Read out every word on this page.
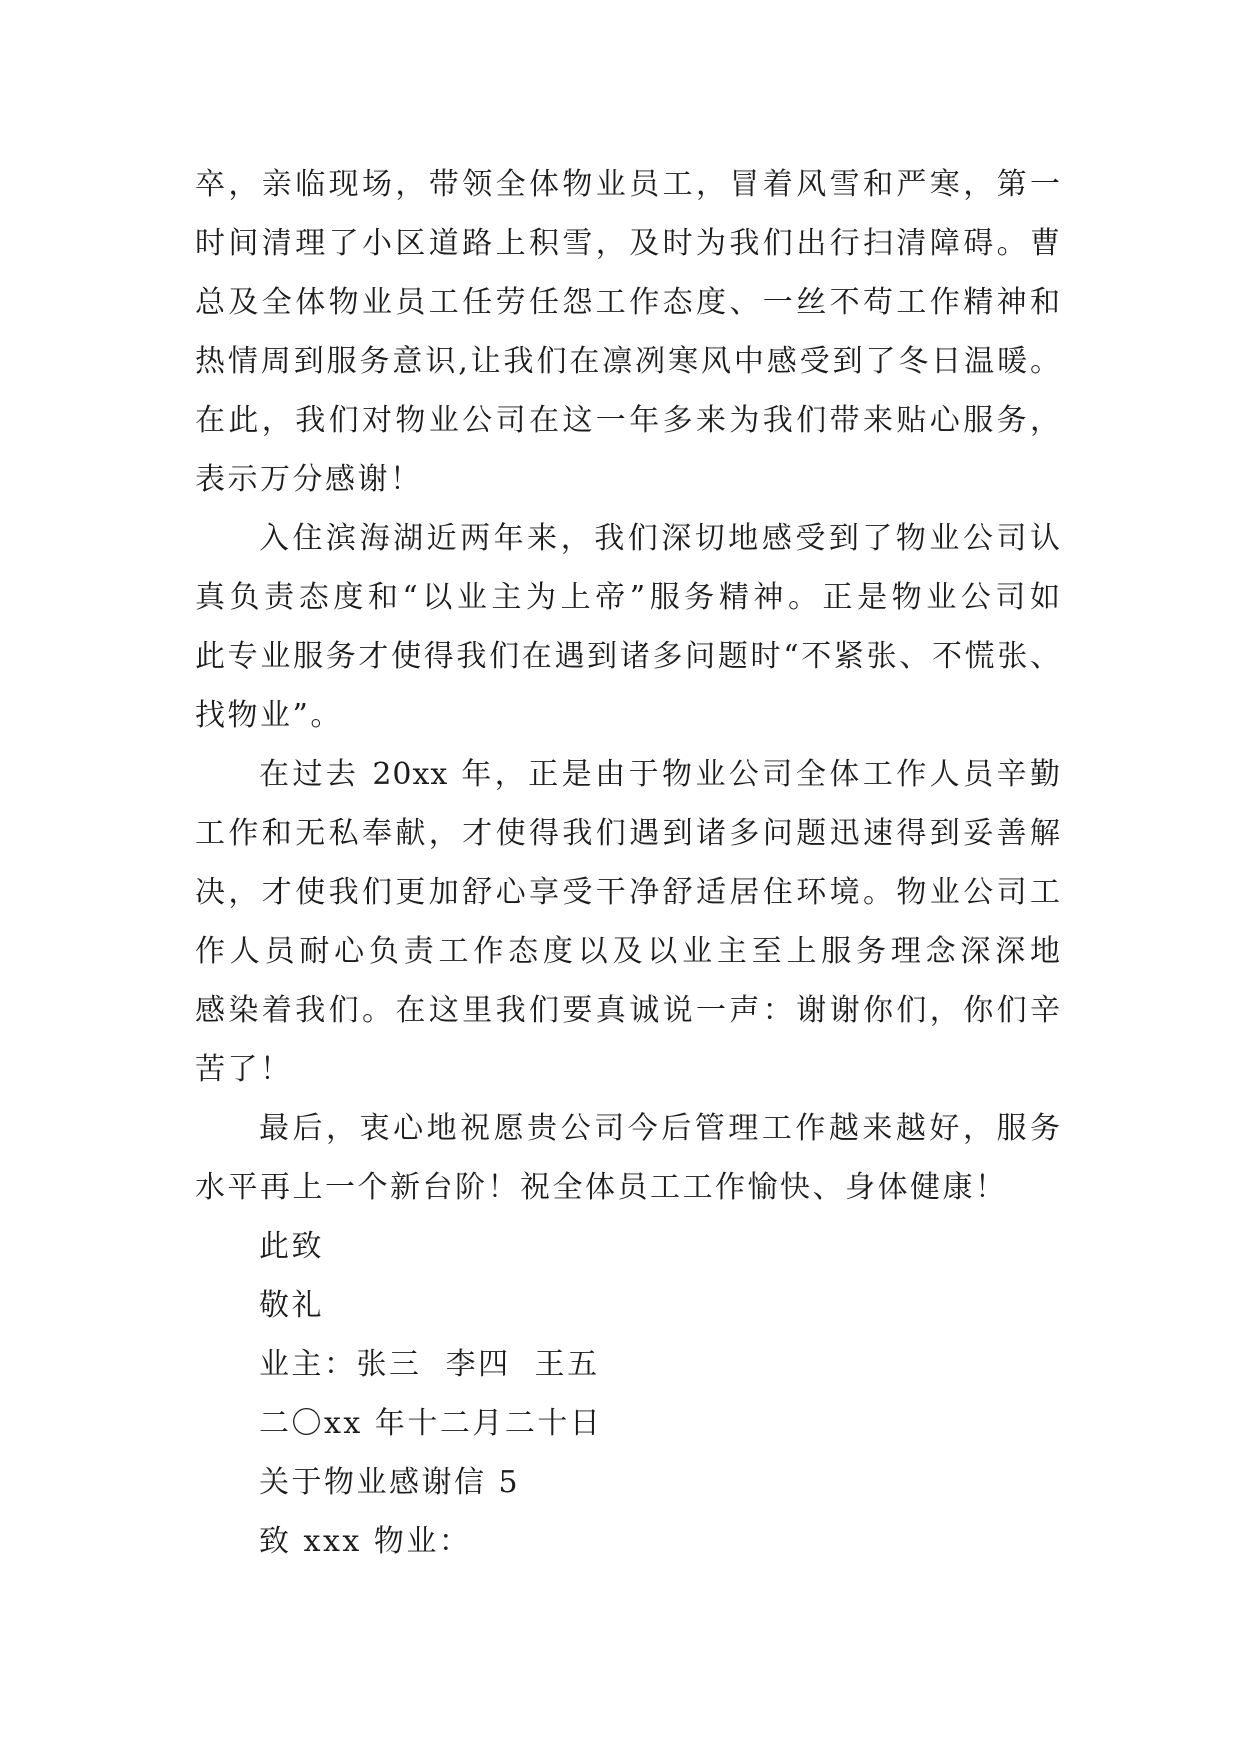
卒，亲临现场，带领全体物业员工，冒着风雪和严寒，第一
时间清理了小区道路上积雪，及时为我们出行扫清障碍。曹
总及全体物业员工任劳任怨工作态度、一丝不苟工作精神和
热情周到服务意识,让我们在凛冽寒风中感受到了冬日温暖。
在此，我们对物业公司在这一年多来为我们带来贴心服务，
表示万分感谢！
入住滨海湖近两年来，我们深切地感受到了物业公司认
真负责态度和“以业主为上帝”服务精神。正是物业公司如
此专业服务才使得我们在遇到诸多问题时“不紧张、不慌张、
找物业”。
在过去 20xx 年，正是由于物业公司全体工作人员辛勤
工作和无私奉献，才使得我们遇到诸多问题迅速得到妥善解
决，才使我们更加舒心享受干净舒适居住环境。物业公司工
作人员耐心负责工作态度以及以业主至上服务理念深深地
感染着我们。在这里我们要真诚说一声：谢谢你们，你们辛
苦了！
最后，衷心地祝愿贵公司今后管理工作越来越好，服务
水平再上一个新台阶！祝全体员工工作愉快、身体健康！
此致
敬礼
业主：张三  李四  王五
二〇xx 年十二月二十日
关于物业感谢信 5
致 xxx 物业：
